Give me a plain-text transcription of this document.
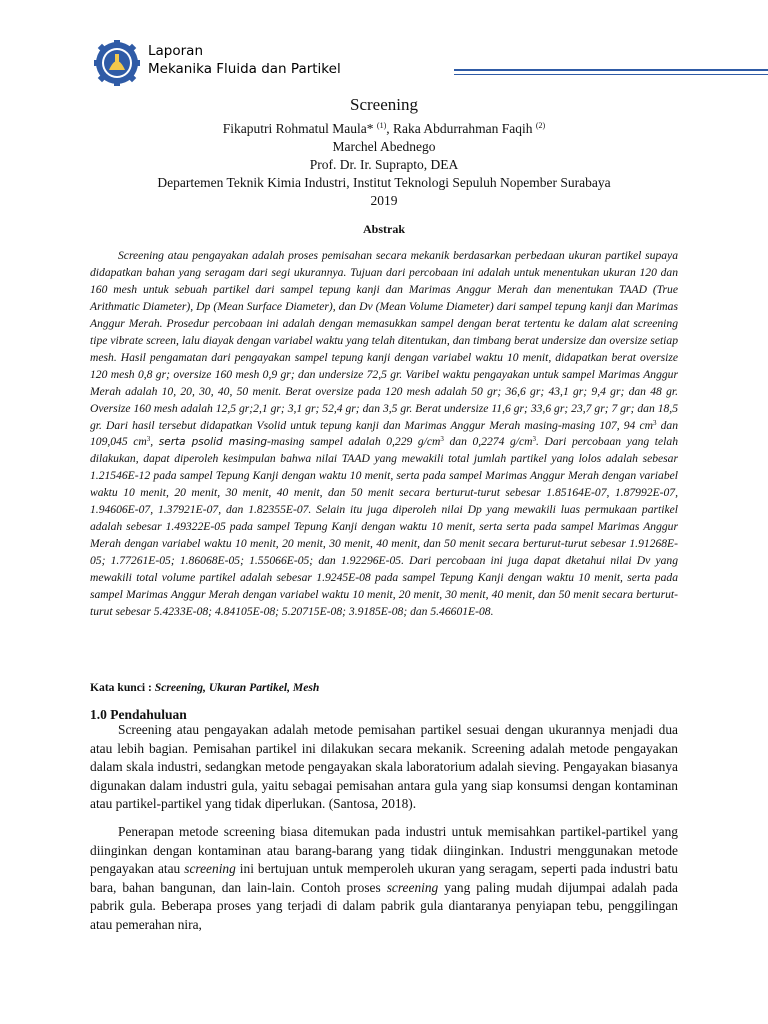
Laporan
Mekanika Fluida dan Partikel
Screening
Fikaputri Rohmatul Maula* $^{(1)}$, Raka Abdurrahman Faqih $^{(2)}$
Marchel Abednego
Prof. Dr. Ir. Suprapto, DEA
Departemen Teknik Kimia Industri, Institut Teknologi Sepuluh Nopember Surabaya
2019
Abstrak

Screening atau pengayakan adalah proses pemisahan secara mekanik berdasarkan perbedaan ukuran partikel supaya didapatkan bahan yang seragam dari segi ukurannya. Tujuan dari percobaan ini adalah untuk menentukan ukuran 120 dan 160 mesh untuk sebuah partikel dari sampel tepung kanji dan Marimas Anggur Merah dan menentukan TAAD (True Arithmatic Diameter), Dp (Mean Surface Diameter), dan Dv (Mean Volume Diameter) dari sampel tepung kanji dan Marimas Anggur Merah. Prosedur percobaan ini adalah dengan memasukkan sampel dengan berat tertentu ke dalam alat screening tipe vibrate screen, lalu diayak dengan variabel waktu yang telah ditentukan, dan timbang berat undersize dan oversize setiap mesh. Hasil pengamatan dari pengayakan sampel tepung kanji dengan variabel waktu 10 menit, didapatkan berat oversize 120 mesh 0,8 gr; oversize 160 mesh 0,9 gr; dan undersize 72,5 gr. Varibel waktu pengayakan untuk sampel Marimas Anggur Merah adalah 10, 20, 30, 40, 50 menit. Berat oversize pada 120 mesh adalah 50 gr; 36,6 gr; 43,1 gr; 9,4 gr; dan 48 gr. Oversize 160 mesh adalah 12,5 gr;2,1 gr; 3,1 gr; 52,4 gr; dan 3,5 gr. Berat undersize 11,6 gr; 33,6 gr; 23,7 gr; 7 gr; dan 18,5 gr. Dari hasil tersebut didapatkan Vsolid untuk tepung kanji dan Marimas Anggur Merah masing-masing 107, 94 $cm^3$ dan 109,045 $cm^3$, serta psolid masing-masing sampel adalah 0,229 $g/cm^3$ dan 0,2274 $g/cm^3$. Dari percobaan yang telah dilakukan, dapat diperoleh kesimpulan bahwa nilai TAAD yang mewakili total jumlah partikel yang lolos adalah sebesar 1.21546E-12 pada sampel Tepung Kanji dengan waktu 10 menit, serta pada sampel Marimas Anggur Merah dengan variabel waktu 10 menit, 20 menit, 30 menit, 40 menit, dan 50 menit secara berturut-turut sebesar 1.85164E-07, 1.87992E-07, 1.94606E-07, 1.37921E-07, dan 1.82355E-07. Selain itu juga diperoleh nilai Dp yang mewakili luas permukaan partikel adalah sebesar 1.49322E-05 pada sampel Tepung Kanji dengan waktu 10 menit, serta serta pada sampel Marimas Anggur Merah dengan variabel waktu 10 menit, 20 menit, 30 menit, 40 menit, dan 50 menit secara berturut-turut sebesar 1.91268E-05; 1.77261E-05; 1.86068E-05; 1.55066E-05; dan 1.92296E-05. Dari percobaan ini juga dapat dketahui nilai Dv yang mewakili total volume partikel adalah sebesar 1.9245E-08 pada sampel Tepung Kanji dengan waktu 10 menit, serta pada sampel Marimas Anggur Merah dengan variabel waktu 10 menit, 20 menit, 30 menit, 40 menit, dan 50 menit secara berturut-turut sebesar 5.4233E-08; 4.84105E-08; 5.20715E-08; 3.9185E-08; dan 5.46601E-08.

Kata kunci : Screening, Ukuran Partikel, Mesh
1.0 Pendahuluan

Screening atau pengayakan adalah metode pemisahan partikel sesuai dengan ukurannya menjadi dua atau lebih bagian. Pemisahan partikel ini dilakukan secara mekanik. Screening adalah metode pengayakan dalam skala industri, sedangkan metode pengayakan skala laboratorium adalah sieving. Pengayakan biasanya digunakan dalam industri gula, yaitu sebagai pemisahan antara gula yang siap konsumsi dengan kontaminan atau partikel-partikel yang tidak diperlukan. (Santosa, 2018).

Penerapan metode screening biasa ditemukan pada industri untuk memisahkan partikel-partikel yang diinginkan dengan kontaminan atau barang-barang yang tidak diinginkan. Industri menggunakan metode pengayakan atau screening ini bertujuan untuk memperoleh ukuran yang seragam, seperti pada industri batu bara, bahan bangunan, dan lain-lain. Contoh proses screening yang paling mudah dijumpai adalah pada pabrik gula. Beberapa proses yang terjadi di dalam pabrik gula diantaranya penyiapan tebu, penggilingan atau pemerahan nira,
